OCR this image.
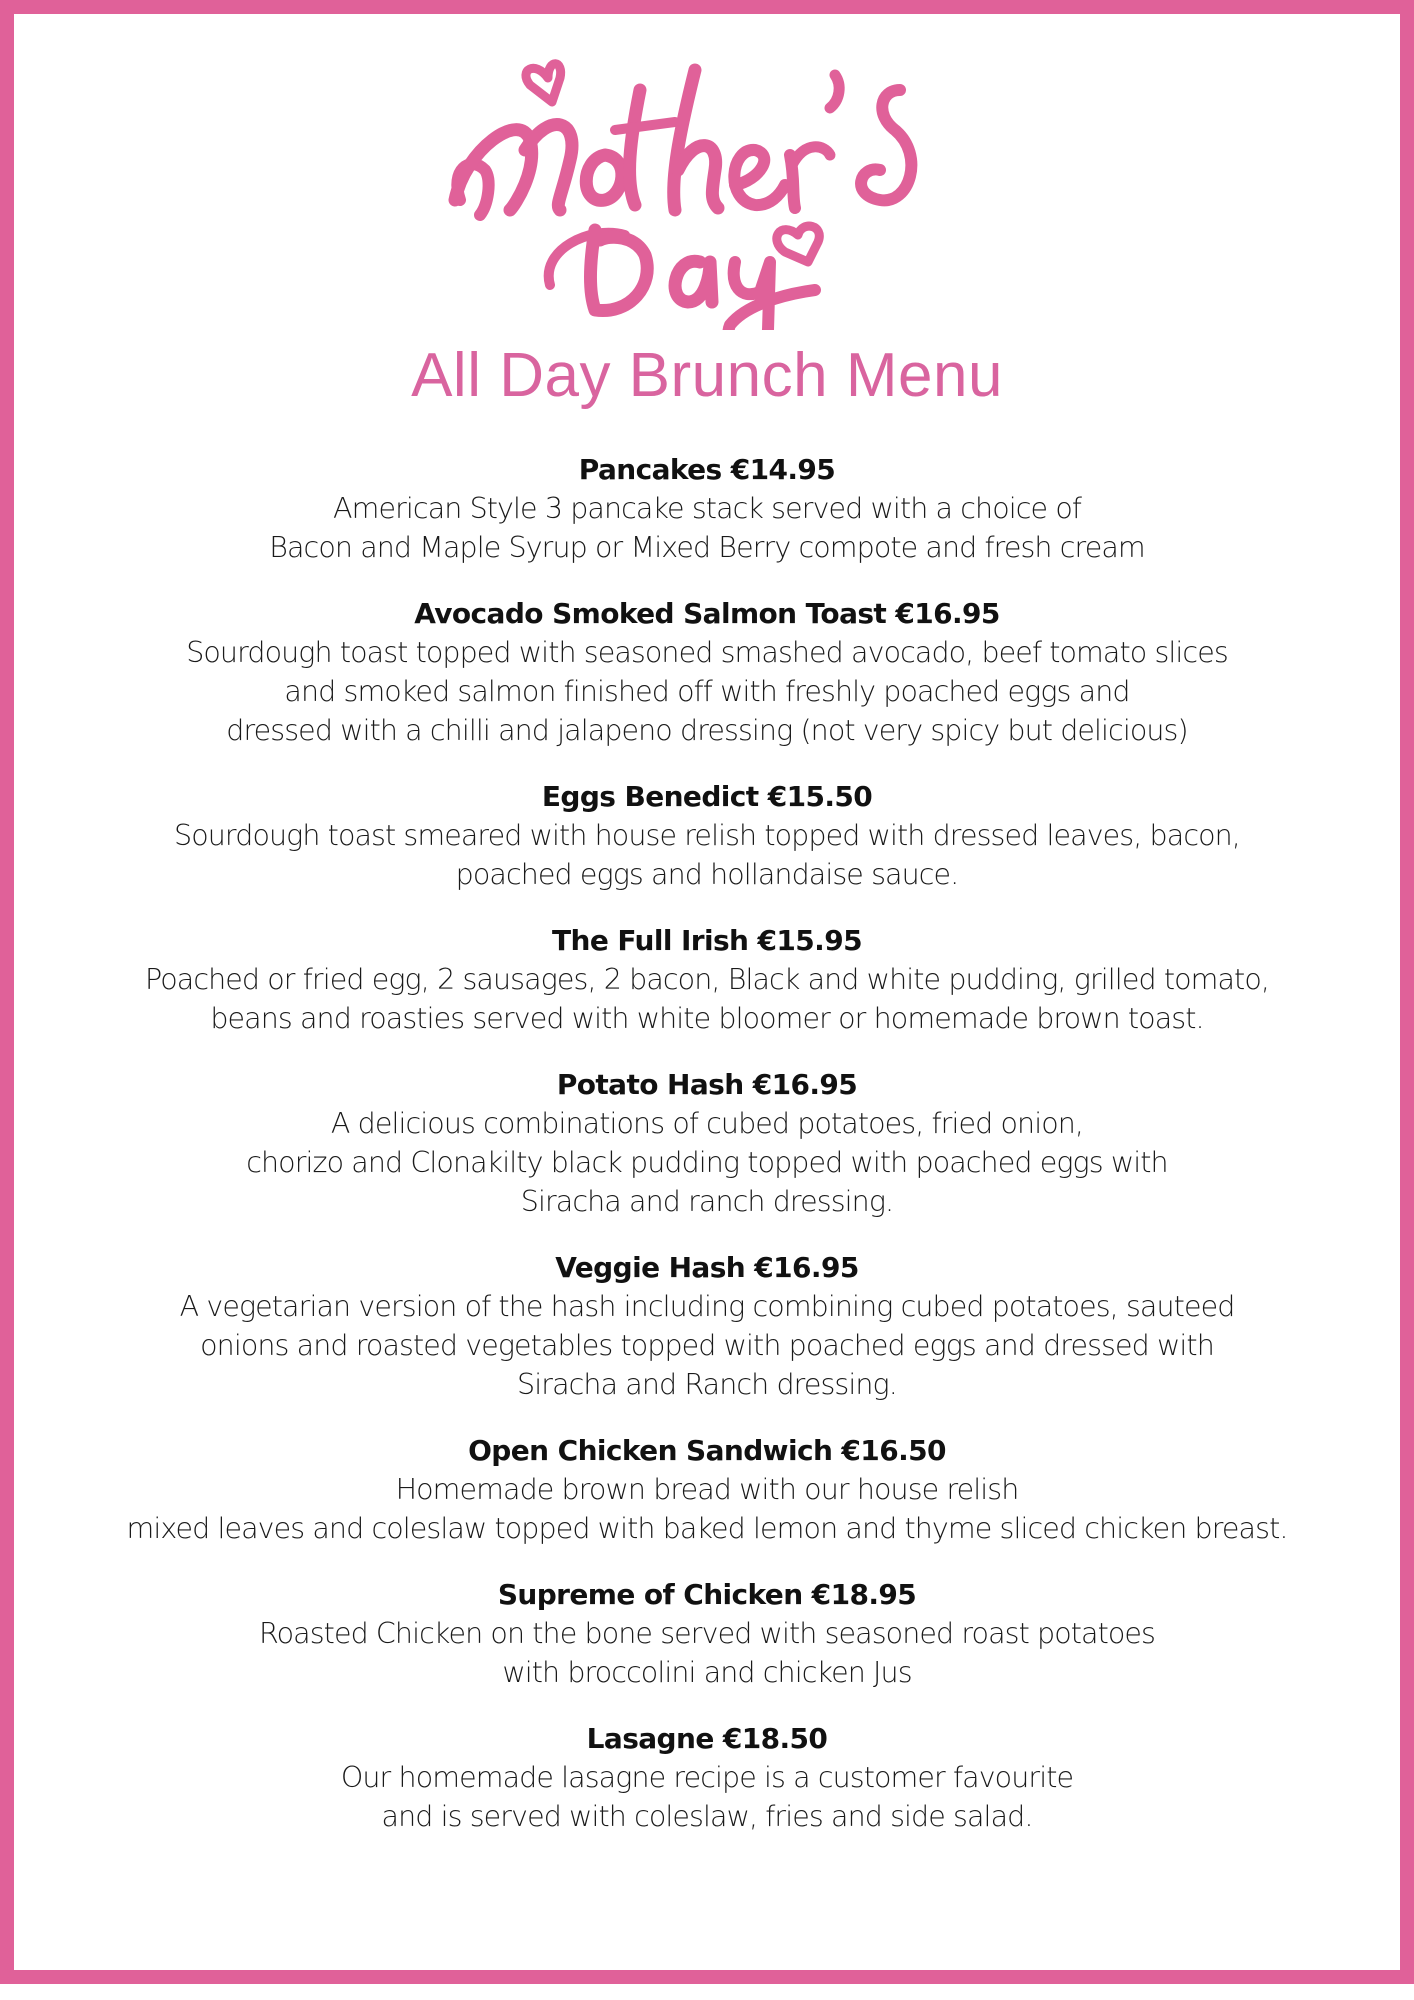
All Day Brunch Menu
Pancakes €14.95
American Style 3 pancake stack served with a choice of
Bacon and Maple Syrup or Mixed Berry compote and fresh cream
Avocado Smoked Salmon Toast €16.95
Sourdough toast topped with seasoned smashed avocado, beef tomato slices
and smoked salmon finished off with freshly poached eggs and
dressed with a chilli and jalapeno dressing (not very spicy but delicious)
Eggs Benedict €15.50
Sourdough toast smeared with house relish topped with dressed leaves, bacon,
poached eggs and hollandaise sauce.
The Full Irish €15.95
Poached or fried egg, 2 sausages, 2 bacon, Black and white pudding, grilled tomato,
beans and roasties served with white bloomer or homemade brown toast.
Potato Hash €16.95
A delicious combinations of cubed potatoes, fried onion,
chorizo and Clonakilty black pudding topped with poached eggs with
Siracha and ranch dressing.
Veggie Hash €16.95
A vegetarian version of the hash including combining cubed potatoes, sauteed
onions and roasted vegetables topped with poached eggs and dressed with
Siracha and Ranch dressing.
Open Chicken Sandwich €16.50
Homemade brown bread with our house relish
mixed leaves and coleslaw topped with baked lemon and thyme sliced chicken breast.
Supreme of Chicken €18.95
Roasted Chicken on the bone served with seasoned roast potatoes
with broccolini and chicken Jus
Lasagne €18.50
Our homemade lasagne recipe is a customer favourite
and is served with coleslaw, fries and side salad.
